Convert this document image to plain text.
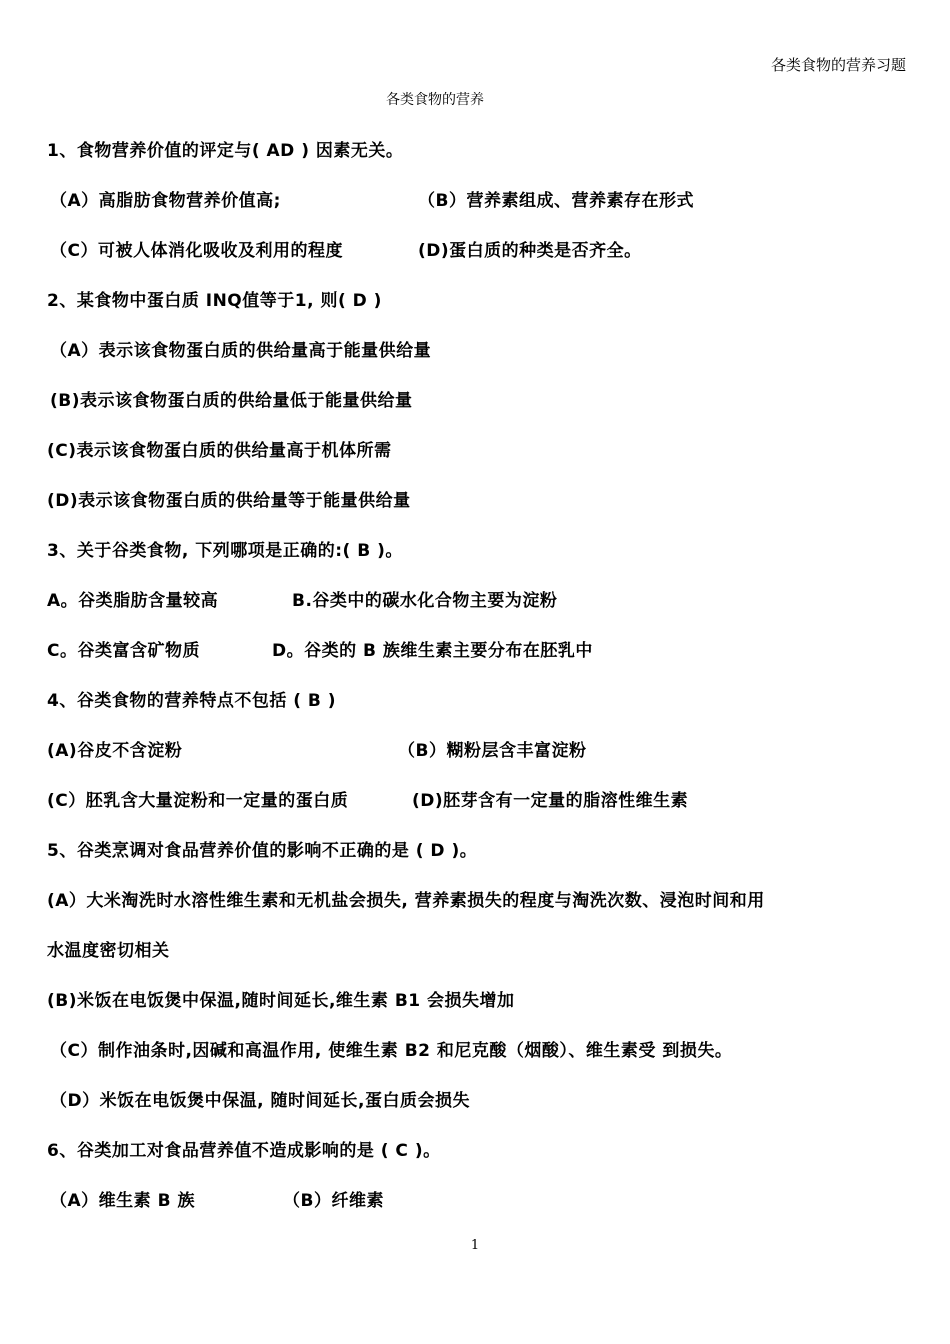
各类食物的营养习题
各类食物的营养
1、食物营养价值的评定与( AD ) 因素无关。
（A）高脂肪食物营养价值高;	（B）营养素组成、营养素存在形式
（C）可被人体消化吸收及利用的程度	(D)蛋白质的种类是否齐全。
2、某食物中蛋白质 INQ值等于1, 则( D )
（A）表示该食物蛋白质的供给量高于能量供给量
(B)表示该食物蛋白质的供给量低于能量供给量
(C)表示该食物蛋白质的供给量高于机体所需
(D)表示该食物蛋白质的供给量等于能量供给量
3、关于谷类食物, 下列哪项是正确的:( B )。
A。谷类脂肪含量较高	B.谷类中的碳水化合物主要为淀粉
C。谷类富含矿物质	D。谷类的 B 族维生素主要分布在胚乳中
4、谷类食物的营养特点不包括 ( B )
(A)谷皮不含淀粉	（B）糊粉层含丰富淀粉
(C）胚乳含大量淀粉和一定量的蛋白质	(D)胚芽含有一定量的脂溶性维生素
5、谷类烹调对食品营养价值的影响不正确的是 ( D )。
(A）大米淘洗时水溶性维生素和无机盐会损失, 营养素损失的程度与淘洗次数、浸泡时间和用
水温度密切相关
(B)米饭在电饭煲中保温,随时间延长,维生素 B1 会损失增加
（C）制作油条时,因碱和高温作用, 使维生素 B2 和尼克酸（烟酸）、维生素受 到损失。
（D）米饭在电饭煲中保温, 随时间延长,蛋白质会损失
6、谷类加工对食品营养值不造成影响的是 ( C )。
（A）维生素 B 族	（B）纤维素
1
